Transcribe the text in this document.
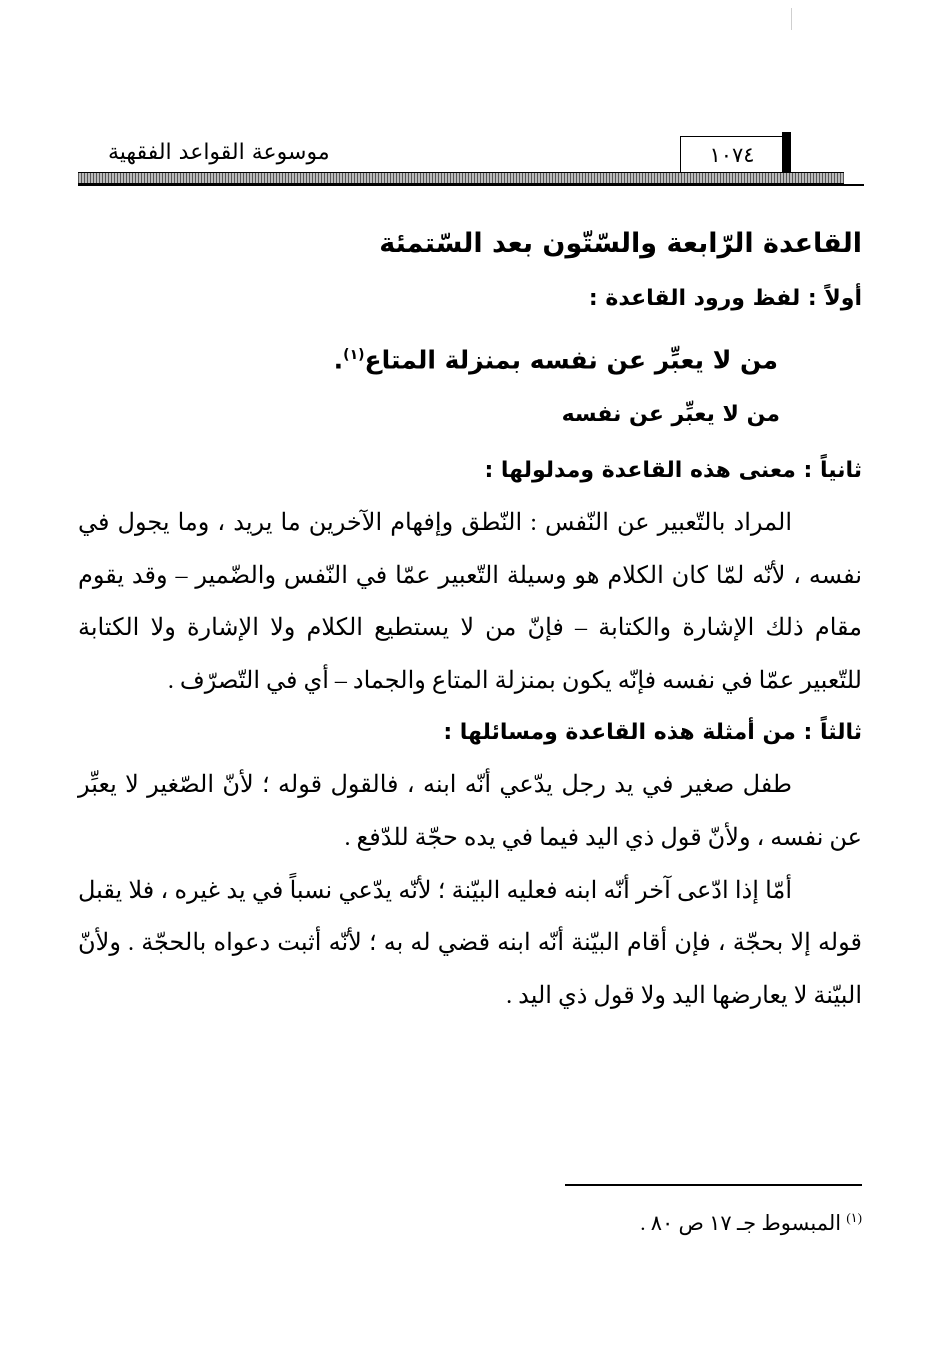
موسوعة القواعد الفقهية	١٠٧٤

القاعدة الرّابعة والسّتّون بعد السّتمئة

أولاً : لفظ ورود القاعدة :

من لا يعبِّر عن نفسه بمنزلة المتاع$^{(١)}$.

من لا يعبِّر عن نفسه

ثانياً : معنى هذه القاعدة ومدلولها :

المراد بالتّعبير عن النّفس : النّطق وإفهام الآخرين ما يريد ، وما يجول في نفسه ، لأنّه لمّا كان الكلام هو وسيلة التّعبير عمّا في النّفس والضّمير – وقد يقوم مقام ذلك الإشارة والكتابة – فإنّ من لا يستطيع الكلام ولا الإشارة ولا الكتابة للتّعبير عمّا في نفسه فإنّه يكون بمنزلة المتاع والجماد – أي في التّصرّف .

ثالثاً : من أمثلة هذه القاعدة ومسائلها :

طفل صغير في يد رجل يدّعي أنّه ابنه ، فالقول قوله ؛ لأنّ الصّغير لا يعبِّر عن نفسه ، ولأنّ قول ذي اليد فيما في يده حجّة للدّفع .

أمّا إذا ادّعى آخر أنّه ابنه فعليه البيّنة ؛ لأنّه يدّعي نسباً في يد غيره ، فلا يقبل قوله إلا بحجّة ، فإن أقام البيّنة أنّه ابنه قضي له به ؛ لأنّه أثبت دعواه بالحجّة . ولأنّ البيّنة لا يعارضها اليد ولا قول ذي اليد .

$^{(١)}$ المبسوط جـ ١٧ ص ٨٠ .
